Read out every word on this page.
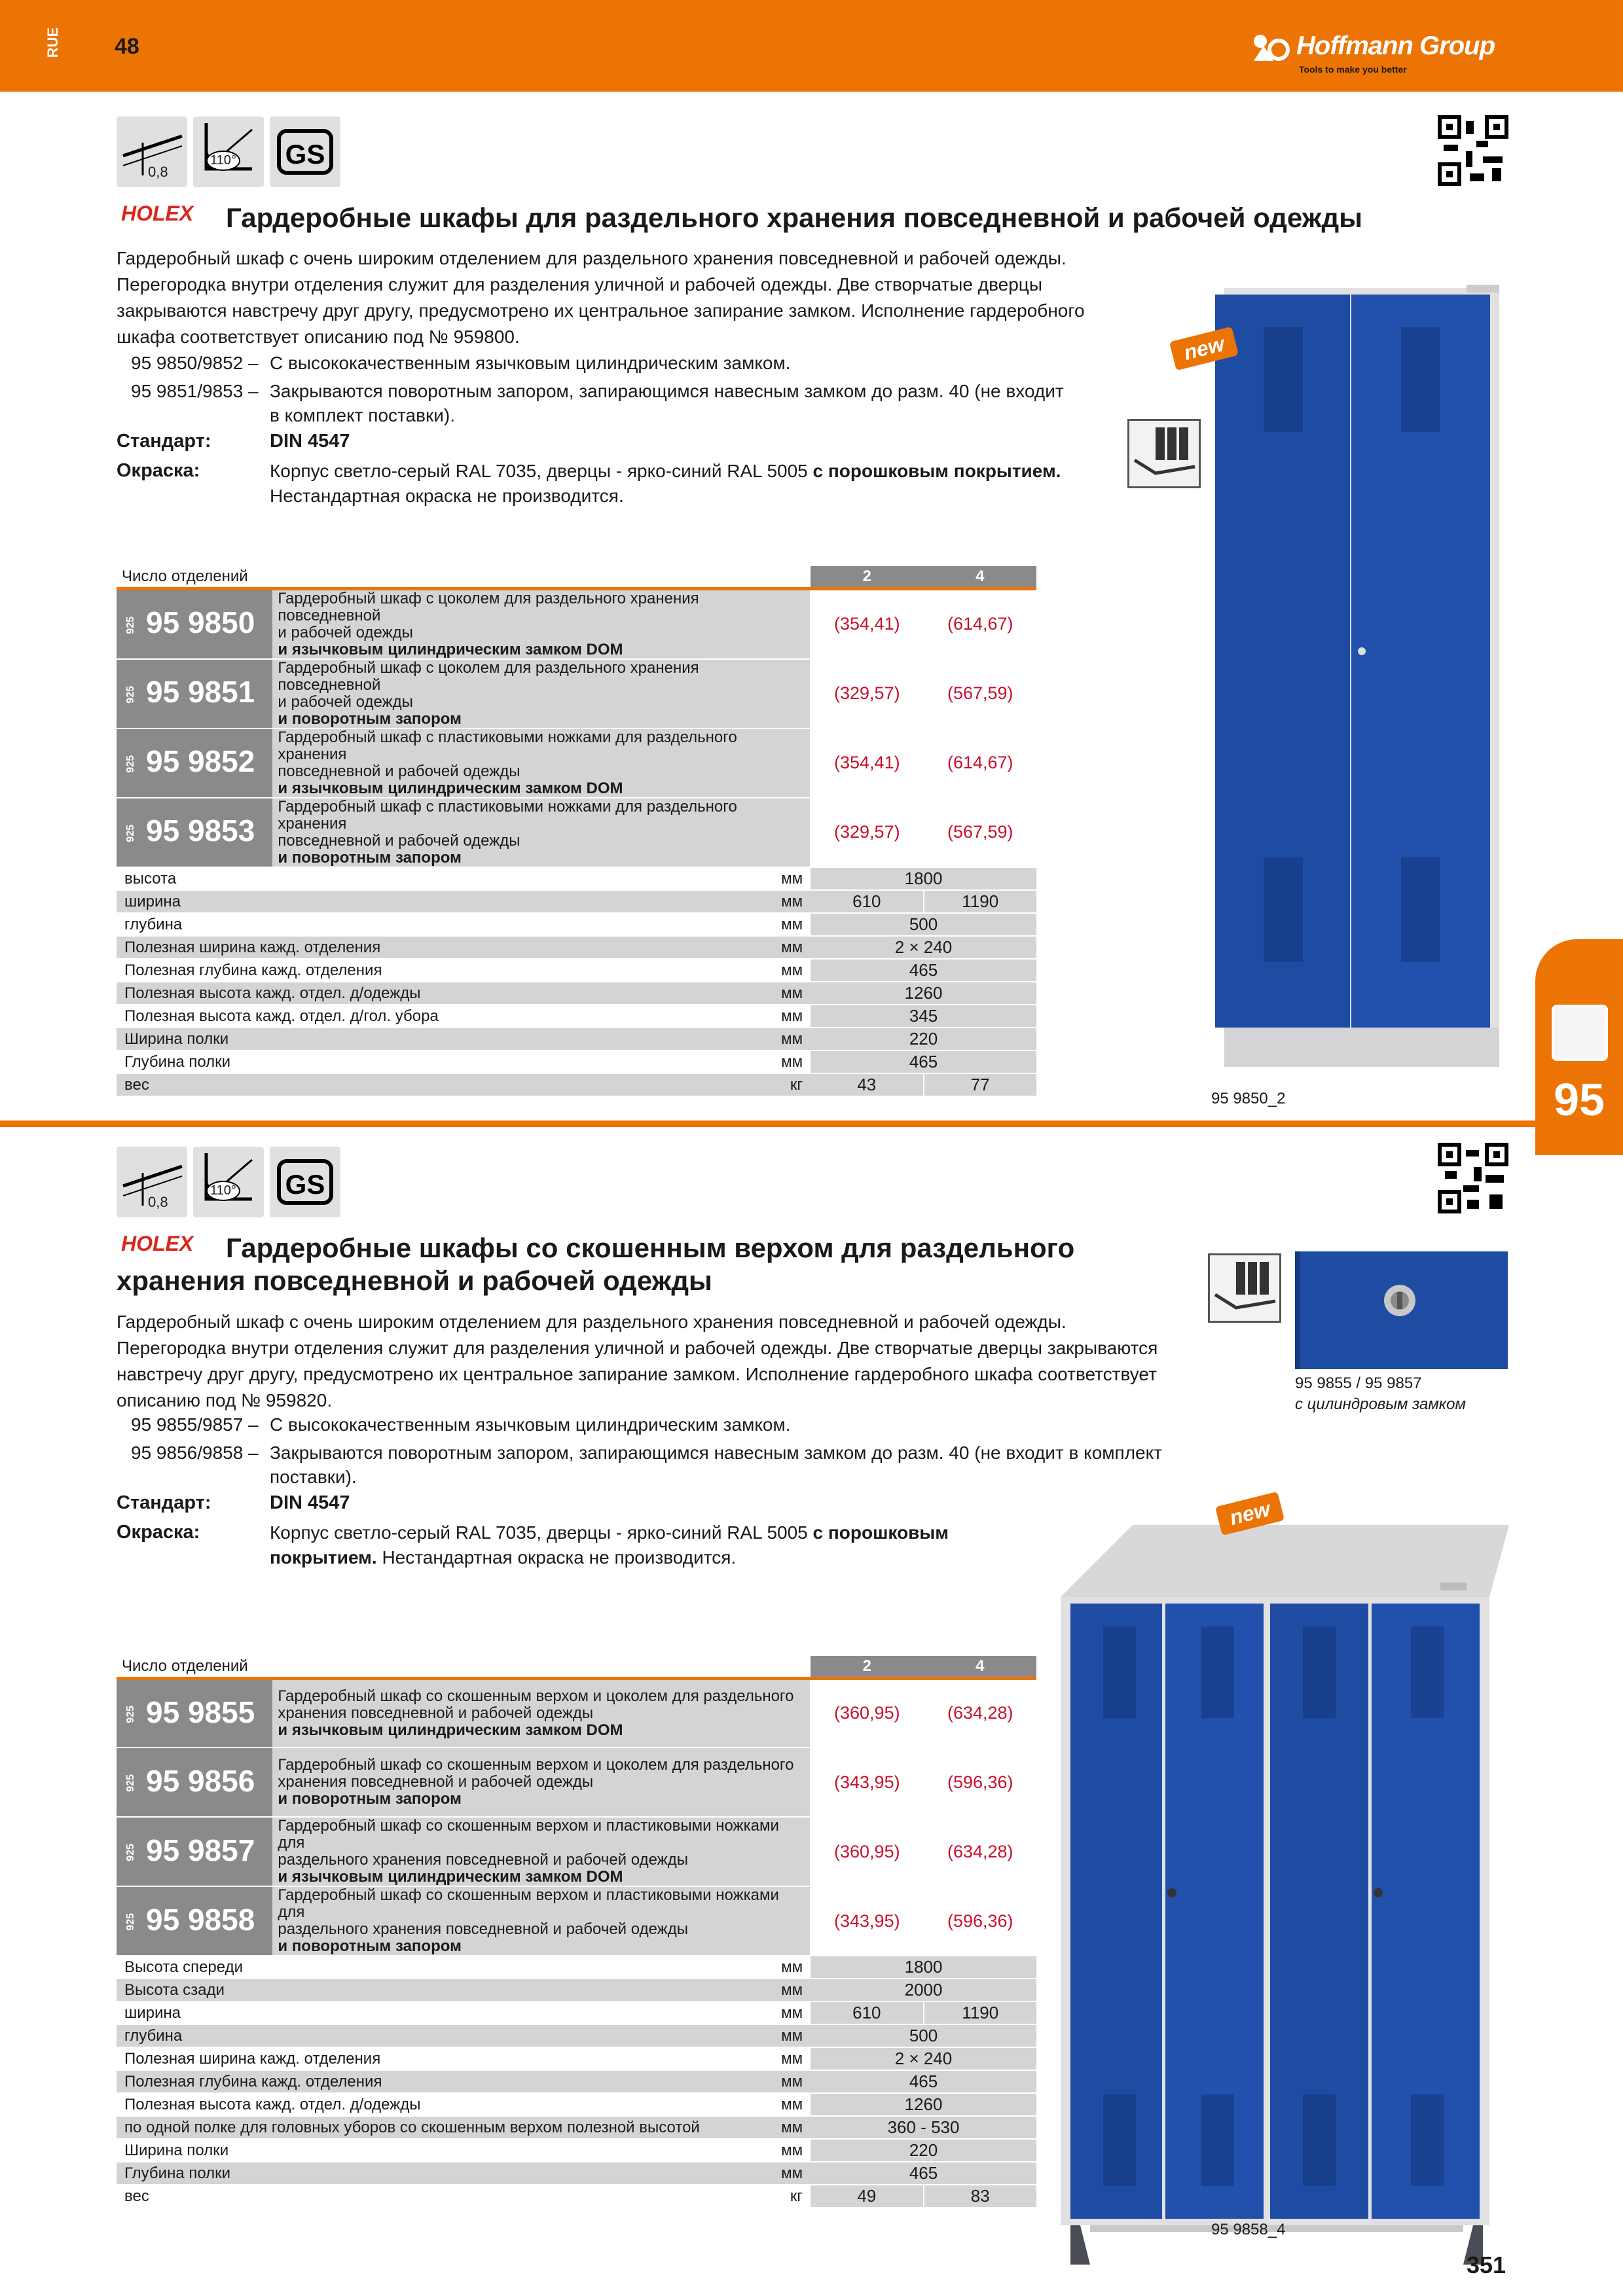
RUE 48	Hoffmann Group
Tools to make you better
95
0,8
110° GS
HOLEX Гардеробные шкафы для раздельного хранения повседневной и рабочей одежды
Гардеробный шкаф с очень широким отделением для раздельного хранения повседневной и рабочей одежды.
Перегородка внутри отделения служит для разделения уличной и рабочей одежды. Две створчатые дверцы
закрываются навстречу друг другу, предусмотрено их центральное запирание замком. Исполнение гардеробного
шкафа соответствует описанию под № 959800.
95 9850/9852 – С высококачественным язычковым цилиндрическим замком.
95 9851/9853 – Закрываются поворотным запором, запирающимся навесным замком до разм. 40 (не входит
в комплект поставки).
Стандарт:	DIN 4547
Окраска:	Корпус светло-серый RAL 7035, дверцы - ярко-синий RAL 5005 с порошковым покрытием.
Нестандартная окраска не производится.
new
95 9850_2
Число отделений		2	4
925 95 9850	Гардеробный шкаф с цоколем для раздельного хранения повседневной
и рабочей одежды
и язычковым цилиндрическим замком DOM	(354,41)	(614,67)
925 95 9851	Гардеробный шкаф с цоколем для раздельного хранения повседневной
и рабочей одежды
и поворотным запором	(329,57)	(567,59)
925 95 9852	Гардеробный шкаф с пластиковыми ножками для раздельного хранения
повседневной и рабочей одежды
и язычковым цилиндрическим замком DOM	(354,41)	(614,67)
925 95 9853	Гардеробный шкаф с пластиковыми ножками для раздельного хранения
повседневной и рабочей одежды
и поворотным запором	(329,57)	(567,59)
высота мм		1800	
ширина мм		610	1190
глубина мм		500	
Полезная ширина кажд. отделения мм		2 × 240	
Полезная глубина кажд. отделения мм		465	
Полезная высота кажд. отдел. д/одежды мм		1260	
Полезная высота кажд. отдел. д/гол. убора мм		345	
Ширина полки мм		220	
Глубина полки мм		465	
вес кг		43	77
0,8
110° GS
HOLEX Гардеробные шкафы со скошенным верхом для раздельного
хранения повседневной и рабочей одежды
Гардеробный шкаф с очень широким отделением для раздельного хранения повседневной и рабочей одежды.
Перегородка внутри отделения служит для разделения уличной и рабочей одежды. Две створчатые дверцы закрываются
навстречу друг другу, предусмотрено их центральное запирание замком. Исполнение гардеробного шкафа соответствует
описанию под № 959820.
95 9855/9857 – С высококачественным язычковым цилиндрическим замком.
95 9856/9858 – Закрываются поворотным запором, запирающимся навесным замком до разм. 40 (не входит в комплект
поставки).
Стандарт:	DIN 4547
Окраска:	Корпус светло-серый RAL 7035, дверцы - ярко-синий RAL 5005 с порошковым
покрытием. Нестандартная окраска не производится.
95 9855 / 95 9857
с цилиндровым замком
new
95 9858_4
Число отделений		2	4
925 95 9855	Гардеробный шкаф со скошенным верхом и цоколем для раздельного
хранения повседневной и рабочей одежды
и язычковым цилиндрическим замком DOM	(360,95)	(634,28)
925 95 9856	Гардеробный шкаф со скошенным верхом и цоколем для раздельного
хранения повседневной и рабочей одежды
и поворотным запором	(343,95)	(596,36)
925 95 9857	Гардеробный шкаф со скошенным верхом и пластиковыми ножками для
раздельного хранения повседневной и рабочей одежды
и язычковым цилиндрическим замком DOM	(360,95)	(634,28)
925 95 9858	Гардеробный шкаф со скошенным верхом и пластиковыми ножками для
раздельного хранения повседневной и рабочей одежды
и поворотным запором	(343,95)	(596,36)
Высота спереди мм		1800	
Высота сзади мм		2000	
ширина мм		610	1190
глубина мм		500	
Полезная ширина кажд. отделения мм		2 × 240	
Полезная глубина кажд. отделения мм		465	
Полезная высота кажд. отдел. д/одежды мм		1260	
по одной полке для головных уборов со скошенным верхом полезной высотой мм		360 - 530	
Ширина полки мм		220	
Глубина полки мм		465	
вес кг		49	83
351
